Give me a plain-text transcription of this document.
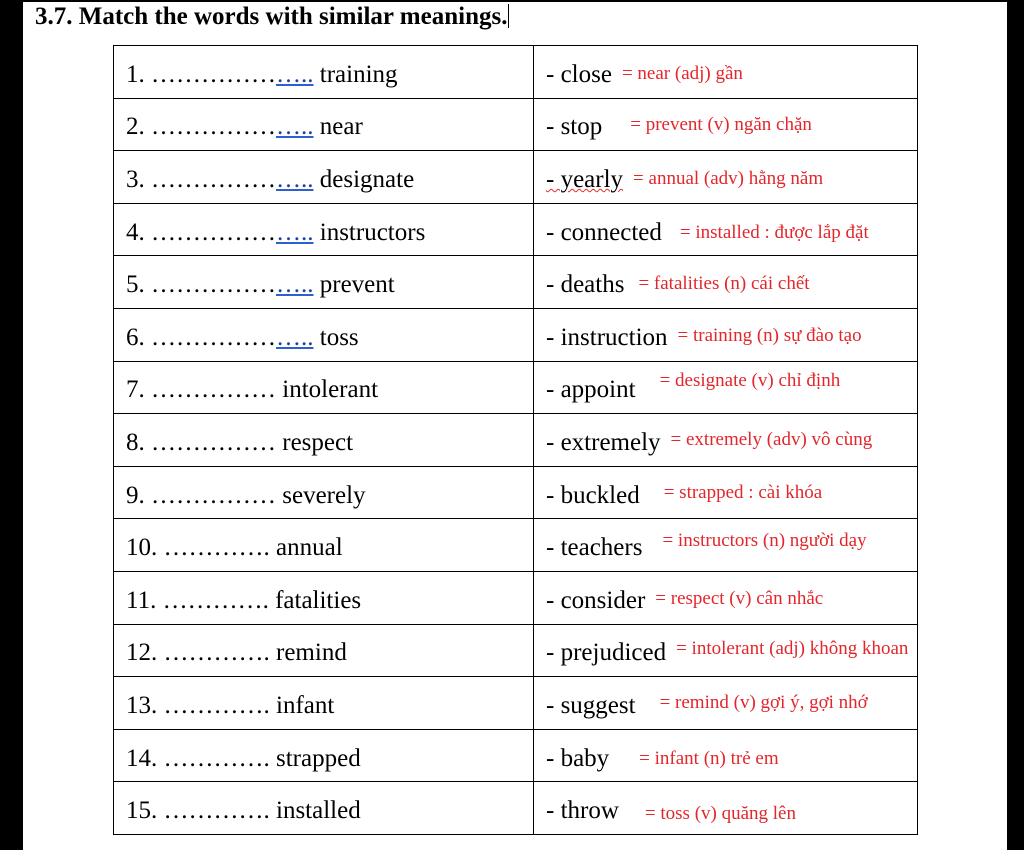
3.7. Match the words with similar meanings.
1. ……………….. training	- close = near (adj) gần
2. ……………….. near	- stop = prevent (v) ngăn chặn
3. ……………….. designate	- yearly = annual (adv) hằng năm
4. ……………….. instructors	- connected = installed : được lắp đặt
5. ……………….. prevent	- deaths = fatalities (n) cái chết
6. ……………….. toss	- instruction = training (n) sự đào tạo
7. …………… intolerant	- appoint = designate (v) chỉ định
8. …………… respect	- extremely = extremely (adv) vô cùng
9. …………… severely	- buckled = strapped : cài khóa
10. …………. annual	- teachers = instructors (n) người dạy
11. …………. fatalities	- consider = respect (v) cân nhắc
12. …………. remind	- prejudiced = intolerant (adj) không khoan
13. …………. infant	- suggest = remind (v) gợi ý, gợi nhớ
14. …………. strapped	- baby = infant (n) trẻ em
15. …………. installed	- throw = toss (v) quăng lên
